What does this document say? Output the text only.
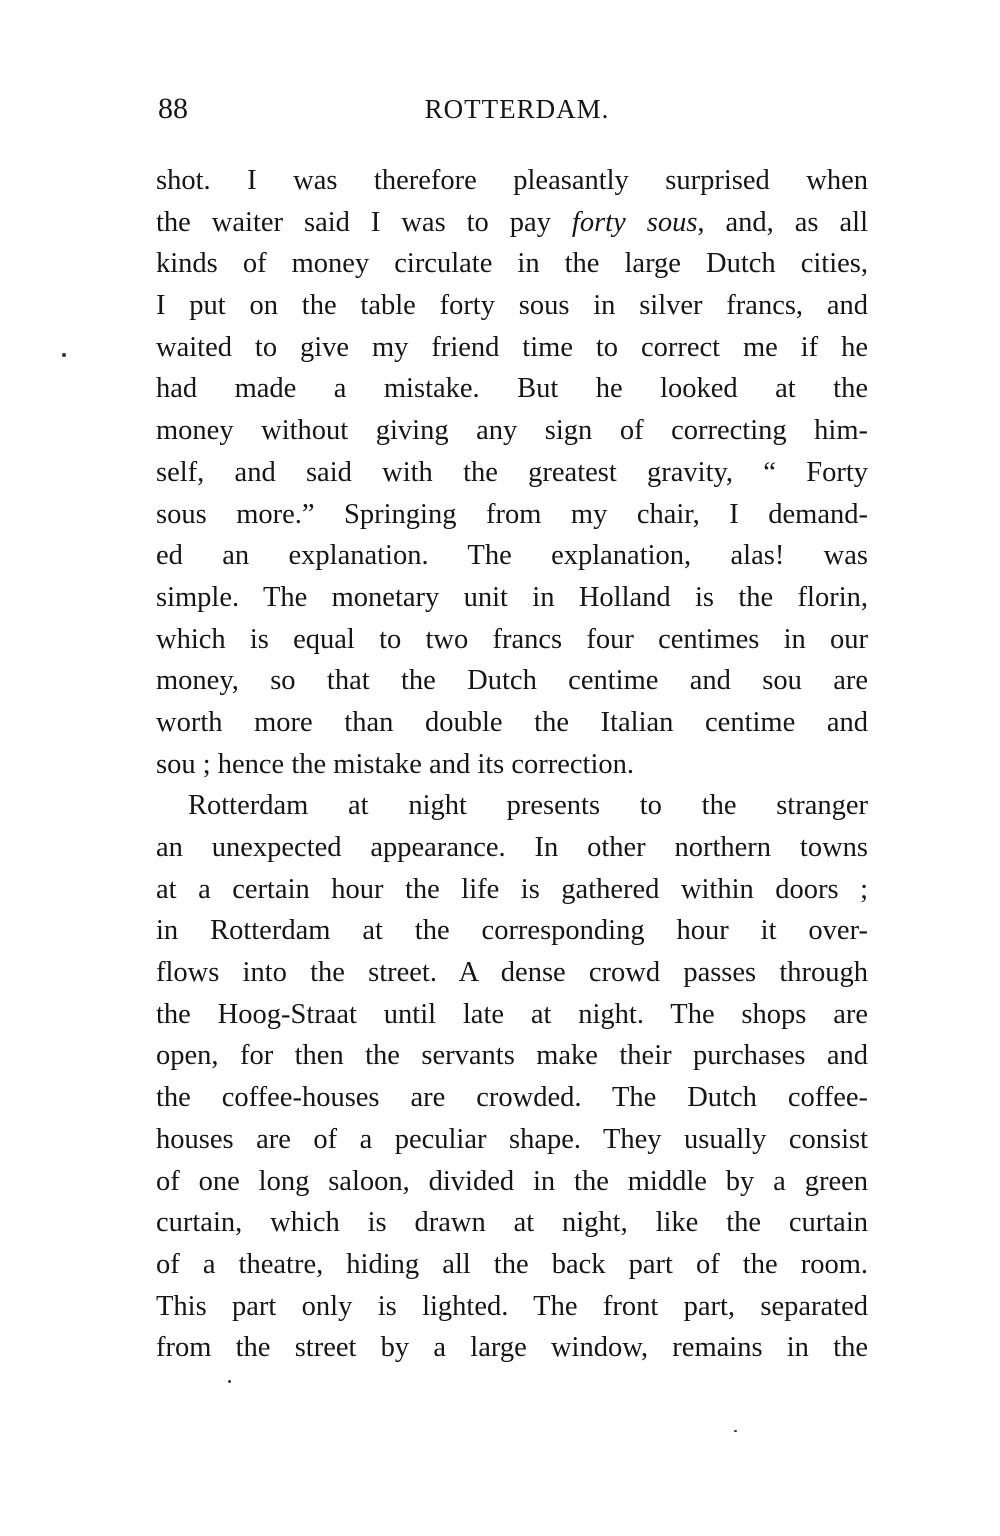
88	ROTTERDAM.
shot. I was therefore pleasantly surprised when
the waiter said I was to pay forty sous, and, as all
kinds of money circulate in the large Dutch cities,
I put on the table forty sous in silver francs, and
waited to give my friend time to correct me if he
had made a mistake. But he looked at the
money without giving any sign of correcting him-
self, and said with the greatest gravity, “ Forty
sous more.” Springing from my chair, I demand-
ed an explanation. The explanation, alas! was
simple. The monetary unit in Holland is the florin,
which is equal to two francs four centimes in our
money, so that the Dutch centime and sou are
worth more than double the Italian centime and
sou ; hence the mistake and its correction.
Rotterdam at night presents to the stranger
an unexpected appearance. In other northern towns
at a certain hour the life is gathered within doors ;
in Rotterdam at the corresponding hour it over-
flows into the street. A dense crowd passes through
the Hoog-Straat until late at night. The shops are
open, for then the servants make their purchases and
the coffee-houses are crowded. The Dutch coffee-
houses are of a peculiar shape. They usually consist
of one long saloon, divided in the middle by a green
curtain, which is drawn at night, like the curtain
of a theatre, hiding all the back part of the room.
This part only is lighted. The front part, separated
from the street by a large window, remains in the
